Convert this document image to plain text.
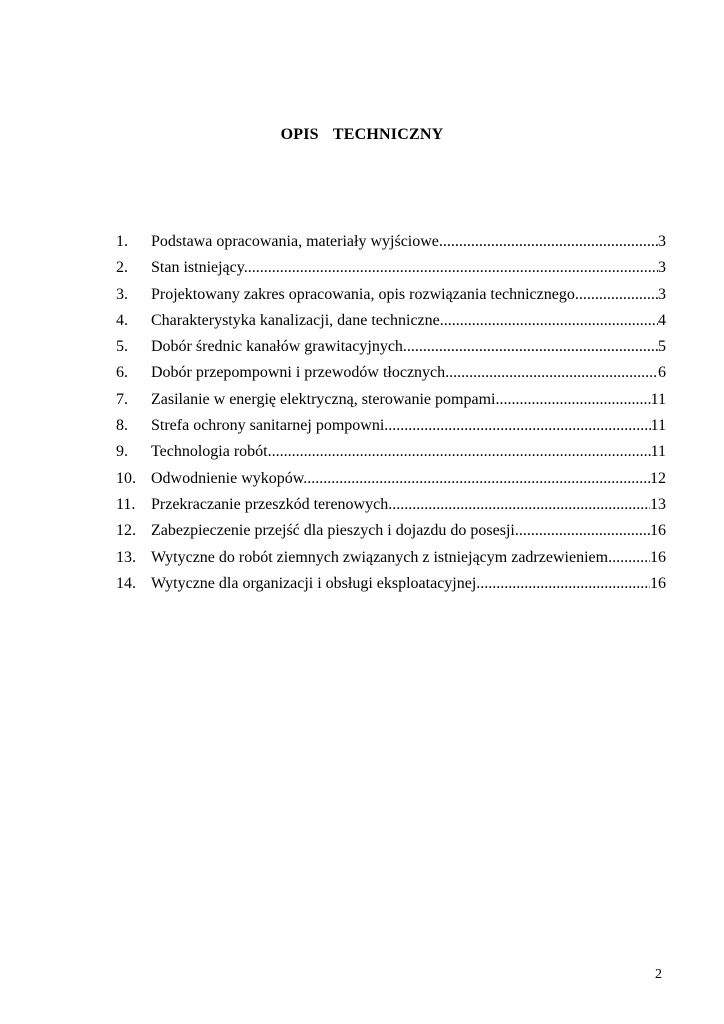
OPIS  TECHNICZNY
1.	Podstawa opracowania, materiały wyjściowe. .....	3
2.	Stan istniejący. .....	3
3.	Projektowany zakres opracowania, opis rozwiązania technicznego. .....	3
4.	Charakterystyka kanalizacji, dane techniczne. .....	4
5.	Dobór średnic kanałów grawitacyjnych. .....	5
6.	Dobór przepompowni i przewodów tłocznych. .....	6
7.	Zasilanie w energię elektryczną, sterowanie pompami. .....	11
8.	Strefa ochrony sanitarnej pompowni. .....	11
9.	Technologia robót. .....	11
10. Odwodnienie wykopów. .....	12
11. Przekraczanie przeszkód terenowych. .....	13
12. Zabezpieczenie przejść dla pieszych i dojazdu do posesji. .....	16
13. Wytyczne do robót ziemnych związanych z istniejącym zadrzewieniem .....	16
14. Wytyczne dla organizacji i obsługi eksploatacyjnej .....	16
2
